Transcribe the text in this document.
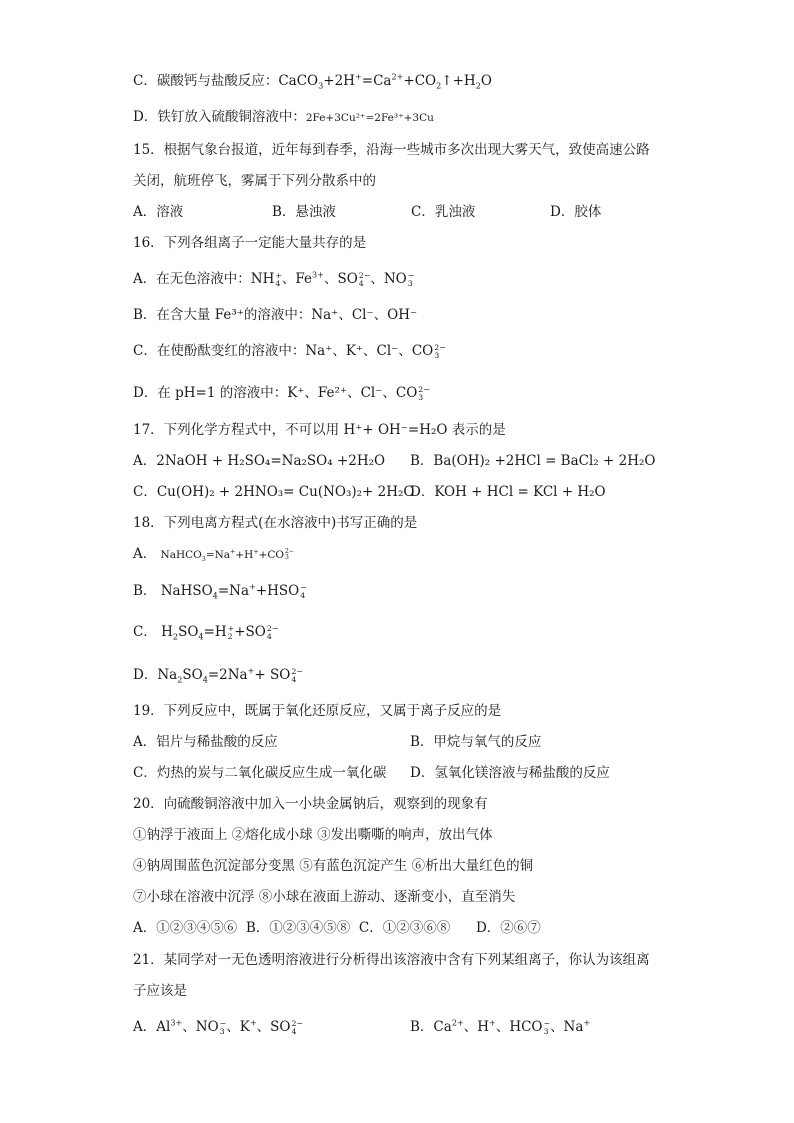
C．碳酸钙与盐酸反应：$CaCO_3+2H^+=Ca^{2+}+CO_2↑+H_2O$
D．铁钉放入硫酸铜溶液中：2Fe+3Cu²⁺=2Fe³⁺+3Cu
15．根据气象台报道，近年每到春季，沿海一些城市多次出现大雾天气，致使高速公路
关闭，航班停飞，雾属于下列分散系中的
A．溶液	B．悬浊液	C．乳浊液	D．胶体
16．下列各组离子一定能大量共存的是
A．在无色溶液中：NH +
4 、$Fe^{3+}$、SO 2−
4 、NO −
3
B．在含大量 Fe³⁺的溶液中：Na⁺、Cl⁻、OH⁻
C．在使酚酞变红的溶液中：Na⁺、K⁺、Cl⁻、CO 2−
3
D．在 pH=1 的溶液中：K⁺、Fe²⁺、Cl⁻、CO 2−
3
17．下列化学方程式中，不可以用 H⁺+ OH⁻=H₂O 表示的是
A．2NaOH + H₂SO₄=Na₂SO₄ +2H₂O B．Ba(OH)₂ +2HCl = BaCl₂ + 2H₂O
C．Cu(OH)₂ + 2HNO₃= Cu(NO₃)₂+ 2H₂O
D．KOH + HCl = KCl + H₂O
18．下列电离方程式(在水溶液中)书写正确的是
A． NaHCO$_3$=Na++H++CO 2−
3
B． NaHSO$_4$=Na++HSO −
4
C． $H_2SO_4=H$ +
2 +SO 2−
4
D．$Na_2SO_4=2Na^++$ SO 2−
4
19．下列反应中，既属于氧化还原反应，又属于离子反应的是
A．铝片与稀盐酸的反应	B．甲烷与氧气的反应
C．灼热的炭与二氧化碳反应生成一氧化碳 D．氢氧化镁溶液与稀盐酸的反应
20．向硫酸铜溶液中加入一小块金属钠后，观察到的现象有
①钠浮于液面上 ②熔化成小球 ③发出嘶嘶的响声，放出气体
④钠周围蓝色沉淀部分变黑 ⑤有蓝色沉淀产生 ⑥析出大量红色的铜
⑦小球在溶液中沉浮 ⑧小球在液面上游动、逐渐变小，直至消失
A．①②③④⑤⑥ B．①②③④⑤⑧ C．①②③⑥⑧ D．②⑥⑦
21．某同学对一无色透明溶液进行分析得出该溶液中含有下列某组离子，你认为该组离
子应该是
A．$Al^{3+}$、NO −
3 、K+、SO 2−
4	B．$Ca^{2+}$、H+、HCO −
3 、Na+
